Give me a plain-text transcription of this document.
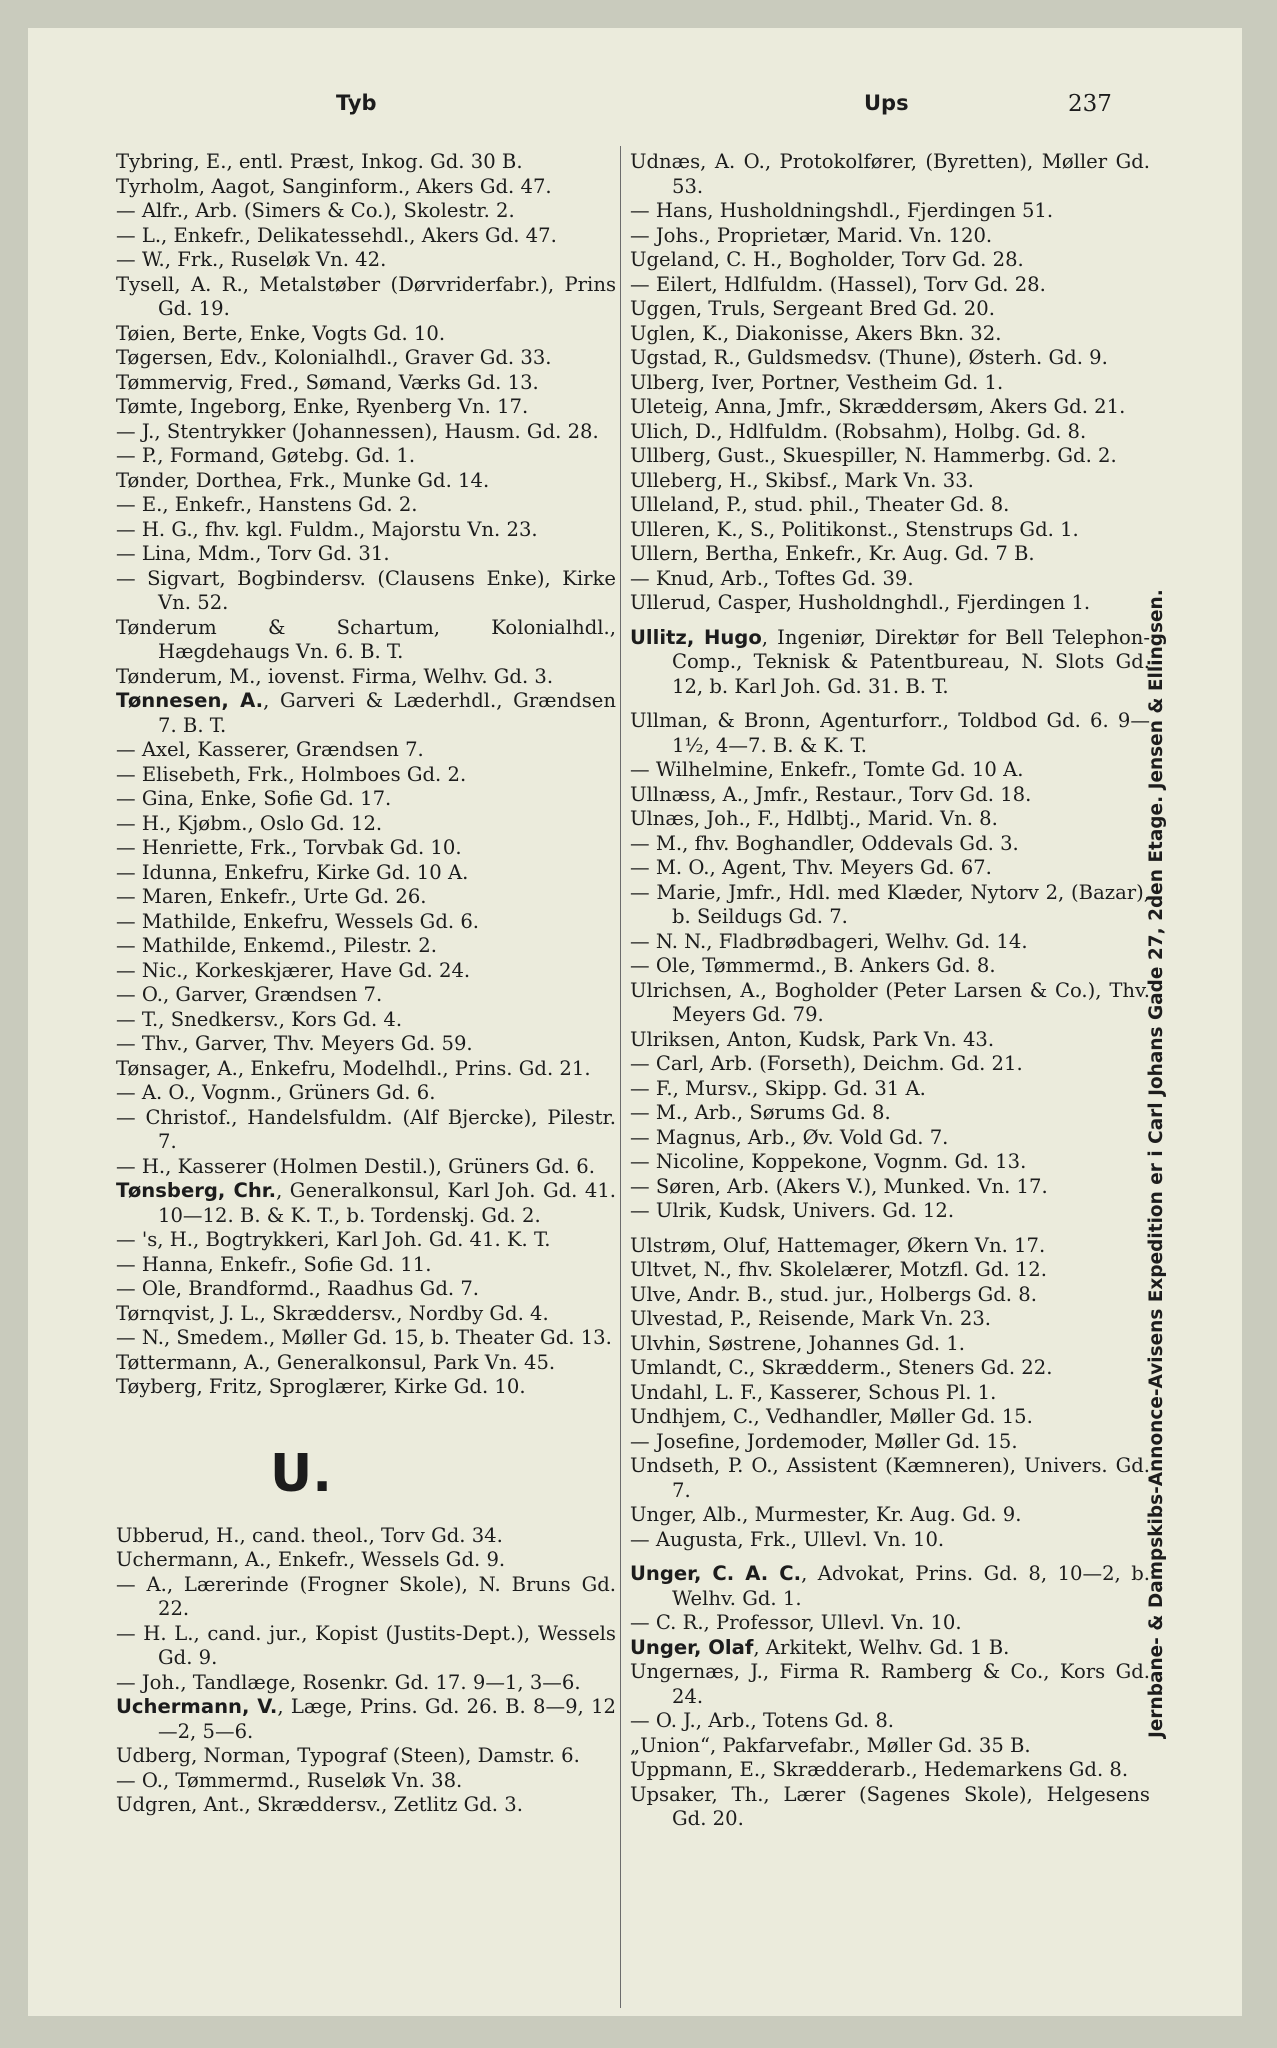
Tyb	Ups	237
Tybring, E., entl. Præst, Inkog. Gd. 30 B.
Tyrholm, Aagot, Sanginform., Akers Gd. 47.
— Alfr., Arb. (Simers & Co.), Skolestr. 2.
— L., Enkefr., Delikatessehdl., Akers Gd. 47.
— W., Frk., Ruseløk Vn. 42.
Tysell, A. R., Metalstøber (Dørvriderfabr.), Prins Gd. 19.
Tøien, Berte, Enke, Vogts Gd. 10.
Tøgersen, Edv., Kolonialhdl., Graver Gd. 33.
Tømmervig, Fred., Sømand, Værks Gd. 13.
Tømte, Ingeborg, Enke, Ryenberg Vn. 17.
— J., Stentrykker (Johannessen), Hausm. Gd. 28.
— P., Formand, Gøtebg. Gd. 1.
Tønder, Dorthea, Frk., Munke Gd. 14.
— E., Enkefr., Hanstens Gd. 2.
— H. G., fhv. kgl. Fuldm., Majorstu Vn. 23.
— Lina, Mdm., Torv Gd. 31.
— Sigvart, Bogbindersv. (Clausens Enke), Kirke Vn. 52.
Tønderum & Schartum, Kolonialhdl., Hægdehaugs Vn. 6. B. T.
Tønderum, M., iovenst. Firma, Welhv. Gd. 3.
Tønnesen, A., Garveri & Læderhdl., Grændsen 7. B. T.
— Axel, Kasserer, Grændsen 7.
— Elisebeth, Frk., Holmboes Gd. 2.
— Gina, Enke, Sofie Gd. 17.
— H., Kjøbm., Oslo Gd. 12.
— Henriette, Frk., Torvbak Gd. 10.
— Idunna, Enkefru, Kirke Gd. 10 A.
— Maren, Enkefr., Urte Gd. 26.
— Mathilde, Enkefru, Wessels Gd. 6.
— Mathilde, Enkemd., Pilestr. 2.
— Nic., Korkeskjærer, Have Gd. 24.
— O., Garver, Grændsen 7.
— T., Snedkersv., Kors Gd. 4.
— Thv., Garver, Thv. Meyers Gd. 59.
Tønsager, A., Enkefru, Modelhdl., Prins. Gd. 21.
— A. O., Vognm., Grüners Gd. 6.
— Christof., Handelsfuldm. (Alf Bjercke), Pilestr. 7.
— H., Kasserer (Holmen Destil.), Grüners Gd. 6.
Tønsberg, Chr., Generalkonsul, Karl Joh. Gd. 41. 10—12. B. & K. T., b. Tordenskj. Gd. 2.
— 's, H., Bogtrykkeri, Karl Joh. Gd. 41. K. T.
— Hanna, Enkefr., Sofie Gd. 11.
— Ole, Brandformd., Raadhus Gd. 7.
Tørnqvist, J. L., Skræddersv., Nordby Gd. 4.
— N., Smedem., Møller Gd. 15, b. Theater Gd. 13.
Tøttermann, A., Generalkonsul, Park Vn. 45.
Tøyberg, Fritz, Sproglærer, Kirke Gd. 10.
U.
Ubberud, H., cand. theol., Torv Gd. 34.
Uchermann, A., Enkefr., Wessels Gd. 9.
— A., Lærerinde (Frogner Skole), N. Bruns Gd. 22.
— H. L., cand. jur., Kopist (Justits-Dept.), Wessels Gd. 9.
— Joh., Tandlæge, Rosenkr. Gd. 17. 9—1, 3—6.
Uchermann, V., Læge, Prins. Gd. 26. B. 8—9, 12—2, 5—6.
Udberg, Norman, Typograf (Steen), Damstr. 6.
— O., Tømmermd., Ruseløk Vn. 38.
Udgren, Ant., Skræddersv., Zetlitz Gd. 3.
Udnæs, A. O., Protokolfører, (Byretten), Møller Gd. 53.
— Hans, Husholdningshdl., Fjerdingen 51.
— Johs., Proprietær, Marid. Vn. 120.
Ugeland, C. H., Bogholder, Torv Gd. 28.
— Eilert, Hdlfuldm. (Hassel), Torv Gd. 28.
Uggen, Truls, Sergeant Bred Gd. 20.
Uglen, K., Diakonisse, Akers Bkn. 32.
Ugstad, R., Guldsmedsv. (Thune), Østerh. Gd. 9.
Ulberg, Iver, Portner, Vestheim Gd. 1.
Uleteig, Anna, Jmfr., Skræddersøm, Akers Gd. 21.
Ulich, D., Hdlfuldm. (Robsahm), Holbg. Gd. 8.
Ullberg, Gust., Skuespiller, N. Hammerbg. Gd. 2.
Ulleberg, H., Skibsf., Mark Vn. 33.
Ulleland, P., stud. phil., Theater Gd. 8.
Ulleren, K., S., Politikonst., Stenstrups Gd. 1.
Ullern, Bertha, Enkefr., Kr. Aug. Gd. 7 B.
— Knud, Arb., Toftes Gd. 39.
Ullerud, Casper, Husholdnghdl., Fjerdingen 1.
Ullitz, Hugo, Ingeniør, Direktør for Bell Telephon-Comp., Teknisk & Patentbureau, N. Slots Gd. 12, b. Karl Joh. Gd. 31. B. T.
Ullman, & Bronn, Agenturforr., Toldbod Gd. 6. 9—1½, 4—7. B. & K. T.
— Wilhelmine, Enkefr., Tomte Gd. 10 A.
Ullnæss, A., Jmfr., Restaur., Torv Gd. 18.
Ulnæs, Joh., F., Hdlbtj., Marid. Vn. 8.
— M., fhv. Boghandler, Oddevals Gd. 3.
— M. O., Agent, Thv. Meyers Gd. 67.
— Marie, Jmfr., Hdl. med Klæder, Nytorv 2, (Bazar), b. Seildugs Gd. 7.
— N. N., Fladbrødbageri, Welhv. Gd. 14.
— Ole, Tømmermd., B. Ankers Gd. 8.
Ulrichsen, A., Bogholder (Peter Larsen & Co.), Thv. Meyers Gd. 79.
Ulriksen, Anton, Kudsk, Park Vn. 43.
— Carl, Arb. (Forseth), Deichm. Gd. 21.
— F., Mursv., Skipp. Gd. 31 A.
— M., Arb., Sørums Gd. 8.
— Magnus, Arb., Øv. Vold Gd. 7.
— Nicoline, Koppekone, Vognm. Gd. 13.
— Søren, Arb. (Akers V.), Munked. Vn. 17.
— Ulrik, Kudsk, Univers. Gd. 12.
Ulstrøm, Oluf, Hattemager, Økern Vn. 17.
Ultvet, N., fhv. Skolelærer, Motzfl. Gd. 12.
Ulve, Andr. B., stud. jur., Holbergs Gd. 8.
Ulvestad, P., Reisende, Mark Vn. 23.
Ulvhin, Søstrene, Johannes Gd. 1.
Umlandt, C., Skrædderm., Steners Gd. 22.
Undahl, L. F., Kasserer, Schous Pl. 1.
Undhjem, C., Vedhandler, Møller Gd. 15.
— Josefine, Jordemoder, Møller Gd. 15.
Undseth, P. O., Assistent (Kæmneren), Univers. Gd. 7.
Unger, Alb., Murmester, Kr. Aug. Gd. 9.
— Augusta, Frk., Ullevl. Vn. 10.
Unger, C. A. C., Advokat, Prins. Gd. 8, 10—2, b. Welhv. Gd. 1.
— C. R., Professor, Ullevl. Vn. 10.
Unger, Olaf, Arkitekt, Welhv. Gd. 1 B.
Ungernæs, J., Firma R. Ramberg & Co., Kors Gd. 24.
— O. J., Arb., Totens Gd. 8.
„Union“, Pakfarvefabr., Møller Gd. 35 B.
Uppmann, E., Skrædderarb., Hedemarkens Gd. 8.
Upsaker, Th., Lærer (Sagenes Skole), Helgesens Gd. 20.
Jernbane- & Dampskibs-Annonce-Avisens Expedition er i Carl Johans Gade 27, 2den Etage. Jensen & Ellingsen.
